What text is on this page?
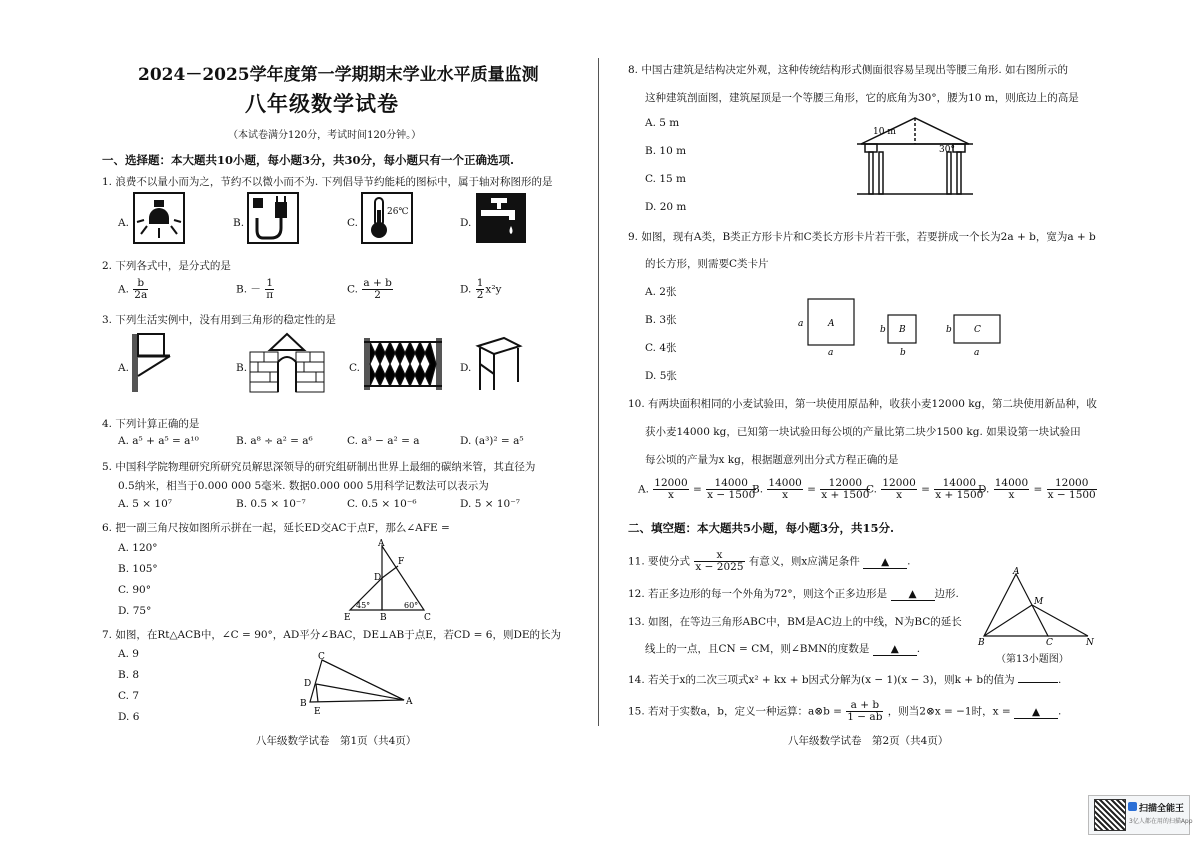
2024－2025学年度第一学期期末学业水平质量监测
八年级数学试卷
（本试卷满分120分，考试时间120分钟。）
一、选择题：本大题共10小题，每小题3分，共30分，每小题只有一个正确选项.
1. 浪费不以量小而为之，节约不以微小而不为. 下列倡导节约能耗的图标中，属于轴对称图形的是
A.	B.	C.	D.
26℃
2. 下列各式中，是分式的是
A. $\frac{b}{2a}$	B. － $\frac{1}{\pi}$	C. $\frac{a + b}{2}$	D. $\frac{1}{2} x^2y$
3. 下列生活实例中，没有用到三角形的稳定性的是
A.	B.	C.	D.
4. 下列计算正确的是
A. a⁵ + a⁵ = a¹⁰	B. a⁸ ÷ a² = a⁶	C. a³ − a² = a	D. (a³)² = a⁵
5. 中国科学院物理研究所研究员解思深领导的研究组研制出世界上最细的碳纳米管，其直径为
0.5纳米，相当于0.000 000 5毫米. 数据0.000 000 5用科学记数法可以表示为
A. 5 × 10⁷	B. 0.5 × 10⁻⁷	C. 0.5 × 10⁻⁶	D. 5 × 10⁻⁷
6. 把一副三角尺按如图所示拼在一起，延长ED交AC于点F，那么∠AFE =
A. 120°
B. 105°
C. 90°
D. 75°
A
F
D
E	B	C
45°	60°
7. 如图，在Rt△ACB中，∠C = 90°，AD平分∠BAC，DE⊥AB于点E，若CD = 6，则DE的长为
A. 9
B. 8
C. 7
D. 6
C
D
B
E
A
八年级数学试卷　第1页（共4页）
8. 中国古建筑是结构决定外观，这种传统结构形式侧面很容易呈现出等腰三角形. 如右图所示的
这种建筑剖面图，建筑屋顶是一个等腰三角形，它的底角为30°，腰为10 m，则底边上的高是
A. 5 m
B. 10 m
C. 15 m
D. 20 m
10 m
30°
9. 如图，现有A类，B类正方形卡片和C类长方形卡片若干张，若要拼成一个长为2a + b，宽为a + b
的长方形，则需要C类卡片
A. 2张
B. 3张
C. 4张
D. 5张
A
a
a
B
b
b
C
b
a
10. 有两块面积相同的小麦试验田，第一块使用原品种，收获小麦12000 kg，第二块使用新品种，收
获小麦14000 kg，已知第一块试验田每公顷的产量比第二块少1500 kg. 如果设第一块试验田
每公顷的产量为x kg，根据题意列出分式方程正确的是
A. $\frac{12000}{x} = \frac{14000}{x - 1500}$
B. $\frac{14000}{x} = \frac{12000}{x + 1500}$
C. $\frac{12000}{x} = \frac{14000}{x + 1500}$
D. $\frac{14000}{x} = \frac{12000}{x - 1500}$
二、填空题：本大题共5小题，每小题3分，共15分.
11. 要使分式 $\frac{x}{x - 2025}$ 有意义，则x应满足条件 ▲ .
12. 若正多边形的每一个外角为72°，则这个正多边形是 ▲ 边形.
13. 如图，在等边三角形ABC中，BM是AC边上的中线，N为BC的延长
线上的一点，且CN = CM，则∠BMN的度数是 ▲ .
A
M
B	C	N
（第13小题图）
14. 若关于x的二次三项式x² + kx + b因式分解为(x − 1)(x − 3)，则k + b的值为	.
15. 若对于实数a，b，定义一种运算：a⊗b = $\frac{a + b}{1 - ab}$ ，则当2⊗x = −1时，x = ▲ .
八年级数学试卷　第2页（共4页）
扫描全能王
3亿人都在用的扫描App
